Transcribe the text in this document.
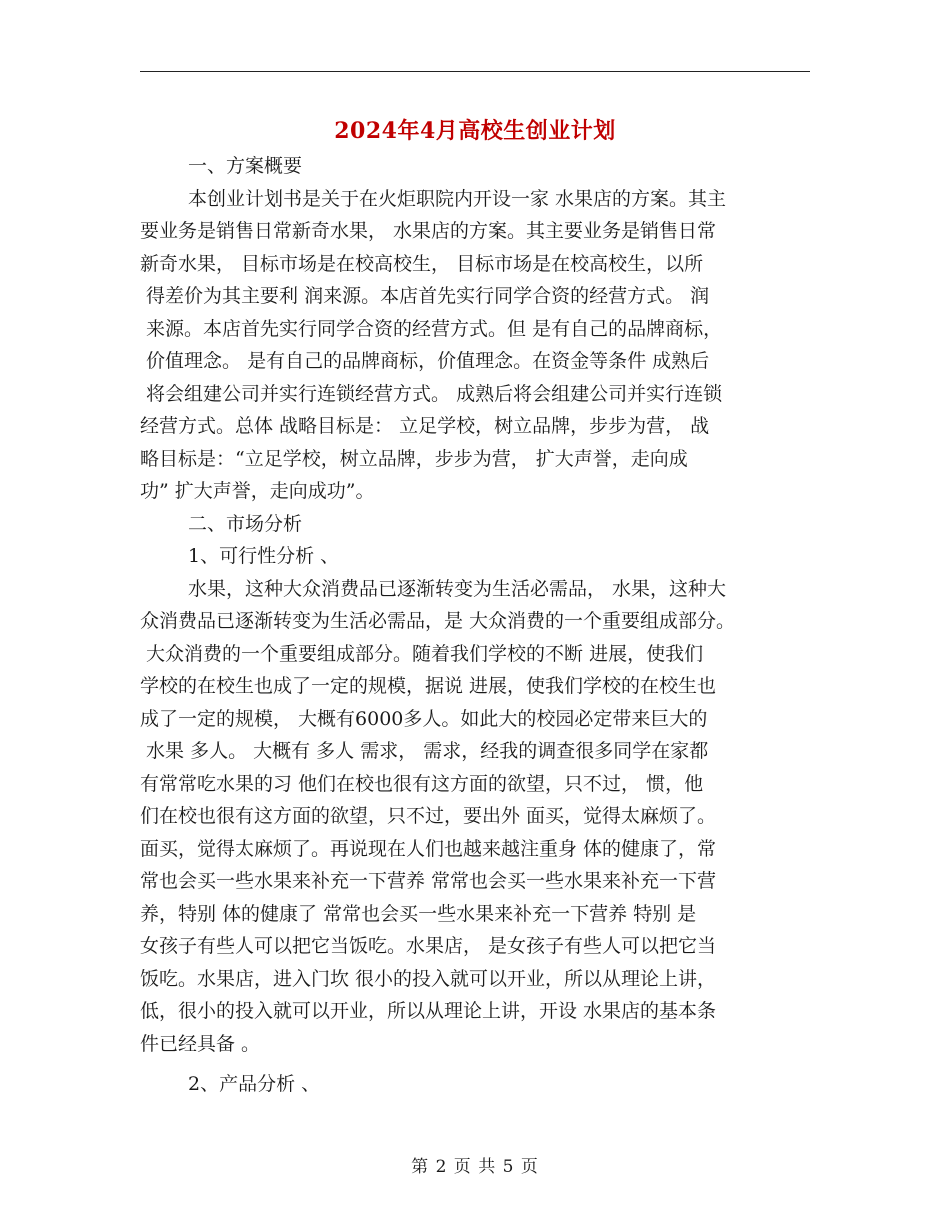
2024年4月高校生创业计划
一、方案概要
本创业计划书是关于在火炬职院内开设一家 水果店的方案。其主
要业务是销售日常新奇水果， 水果店的方案。其主要业务是销售日常
新奇水果， 目标市场是在校高校生， 目标市场是在校高校生，以所
得差价为其主要利 润来源。本店首先实行同学合资的经营方式。 润
来源。本店首先实行同学合资的经营方式。但 是有自己的品牌商标，
价值理念。 是有自己的品牌商标，价值理念。在资金等条件 成熟后
将会组建公司并实行连锁经营方式。 成熟后将会组建公司并实行连锁
经营方式。总体 战略目标是： 立足学校，树立品牌，步步为营， 战
略目标是：“立足学校，树立品牌，步步为营， 扩大声誉，走向成
功” 扩大声誉，走向成功”。
二、市场分析
1、可行性分析 、
水果，这种大众消费品已逐渐转变为生活必需品， 水果，这种大
众消费品已逐渐转变为生活必需品，是 大众消费的一个重要组成部分。
大众消费的一个重要组成部分。随着我们学校的不断 进展，使我们
学校的在校生也成了一定的规模，据说 进展，使我们学校的在校生也
成了一定的规模， 大概有6000多人。如此大的校园必定带来巨大的
水果 多人。 大概有 多人 需求， 需求，经我的调查很多同学在家都
有常常吃水果的习 他们在校也很有这方面的欲望，只不过， 惯，他
们在校也很有这方面的欲望，只不过，要出外 面买，觉得太麻烦了。
面买，觉得太麻烦了。再说现在人们也越来越注重身 体的健康了，常
常也会买一些水果来补充一下营养 常常也会买一些水果来补充一下营
养，特别 体的健康了 常常也会买一些水果来补充一下营养 特别 是
女孩子有些人可以把它当饭吃。水果店， 是女孩子有些人可以把它当
饭吃。水果店，进入门坎 很小的投入就可以开业，所以从理论上讲，
低，很小的投入就可以开业，所以从理论上讲，开设 水果店的基本条
件已经具备 。
2、产品分析 、
第 2 页 共 5 页
